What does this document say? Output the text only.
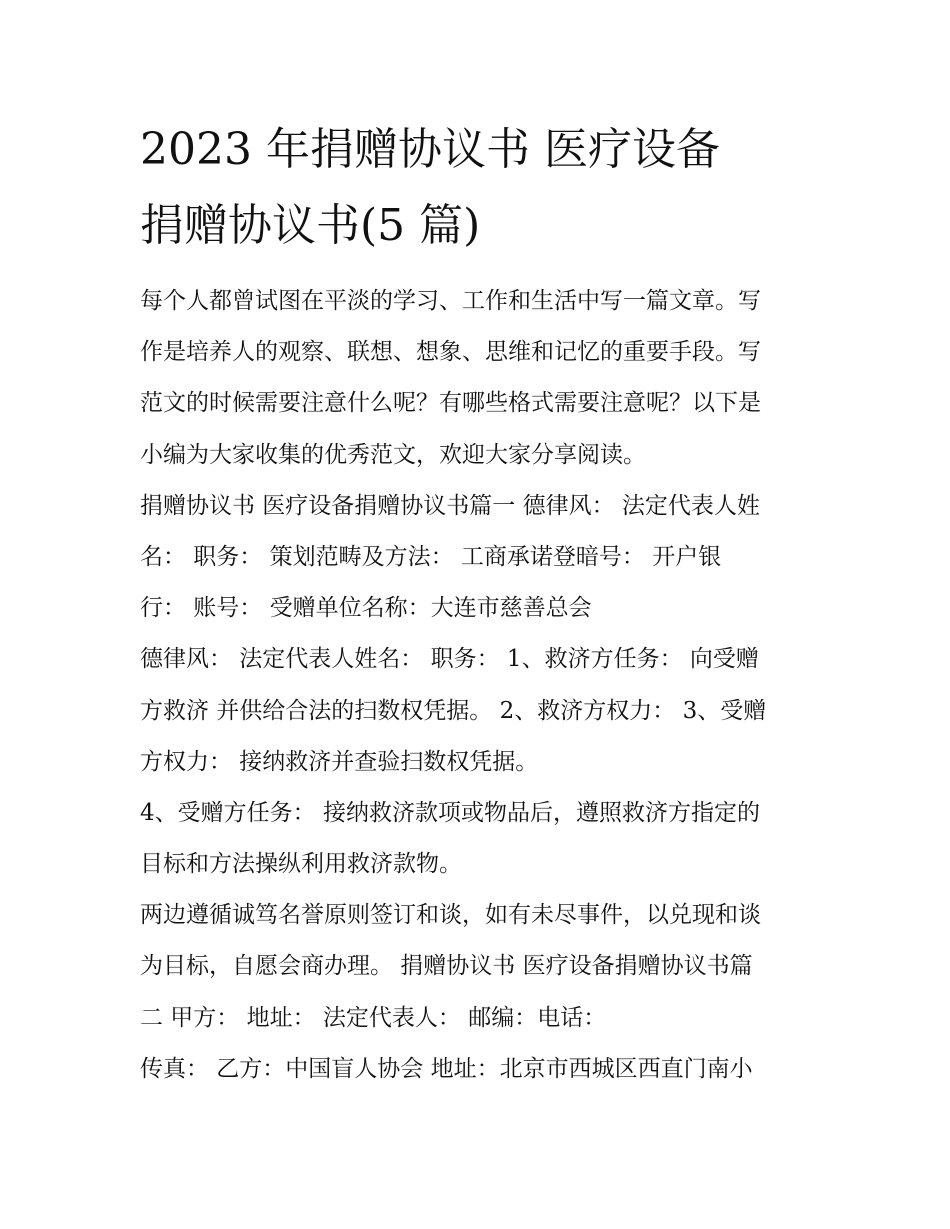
2023 年捐赠协议书 医疗设备
捐赠协议书(5 篇)
每个人都曾试图在平淡的学习、工作和生活中写一篇文章。写
作是培养人的观察、联想、想象、思维和记忆的重要手段。写
范文的时候需要注意什么呢？有哪些格式需要注意呢？以下是
小编为大家收集的优秀范文，欢迎大家分享阅读。
捐赠协议书 医疗设备捐赠协议书篇一 德律风： 法定代表人姓
名： 职务： 策划范畴及方法： 工商承诺登暗号： 开户银
行： 账号： 受赠单位名称：大连市慈善总会
德律风： 法定代表人姓名： 职务： 1、救济方任务： 向受赠
方救济 并供给合法的扫数权凭据。 2、救济方权力： 3、受赠
方权力： 接纳救济并查验扫数权凭据。
4、受赠方任务： 接纳救济款项或物品后，遵照救济方指定的
目标和方法操纵利用救济款物。
两边遵循诚笃名誉原则签订和谈，如有未尽事件，以兑现和谈
为目标，自愿会商办理。 捐赠协议书 医疗设备捐赠协议书篇
二 甲方： 地址： 法定代表人： 邮编：电话：
传真： 乙方：中国盲人协会 地址：北京市西城区西直门南小
